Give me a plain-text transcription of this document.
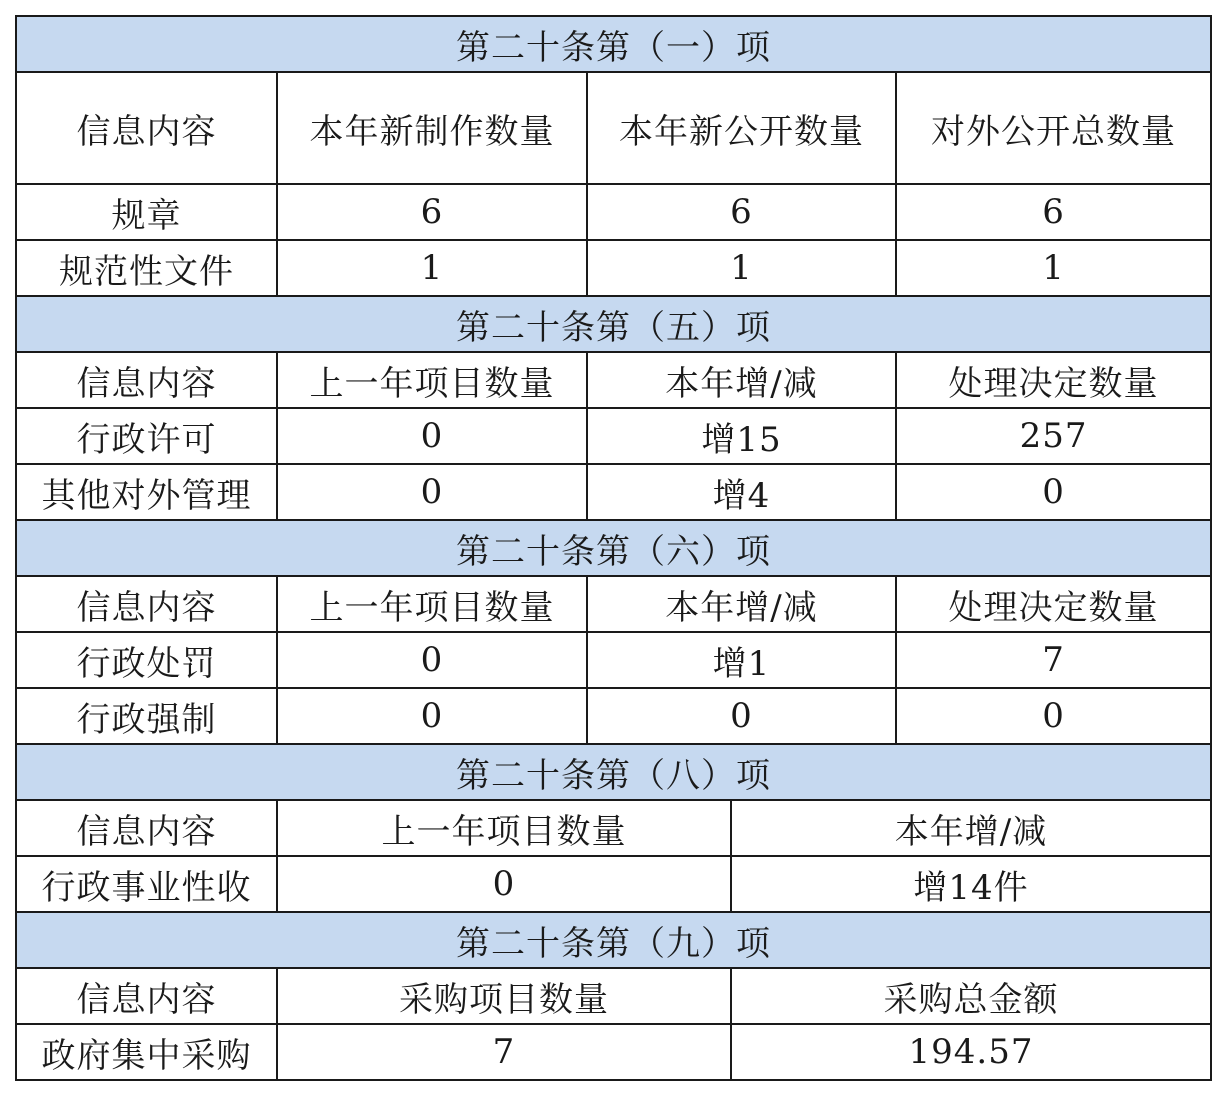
第二十条第（一）项				
信息内容	本年新制作数量	本年新公开数量		对外公开总数量
规章	6	6		6
规范性文件	1	1		1
第二十条第（五）项				
信息内容	上一年项目数量	本年增/减		处理决定数量
行政许可	0	增15		257
其他对外管理	0	增4		0
第二十条第（六）项				
信息内容	上一年项目数量	本年增/减		处理决定数量
行政处罚	0	增1		7
行政强制	0	0		0
第二十条第（八）项				
信息内容	上一年项目数量		本年增/减	
行政事业性收	0		增14件	
第二十条第（九）项				
信息内容	采购项目数量		采购总金额	
政府集中采购	7		194.57	
